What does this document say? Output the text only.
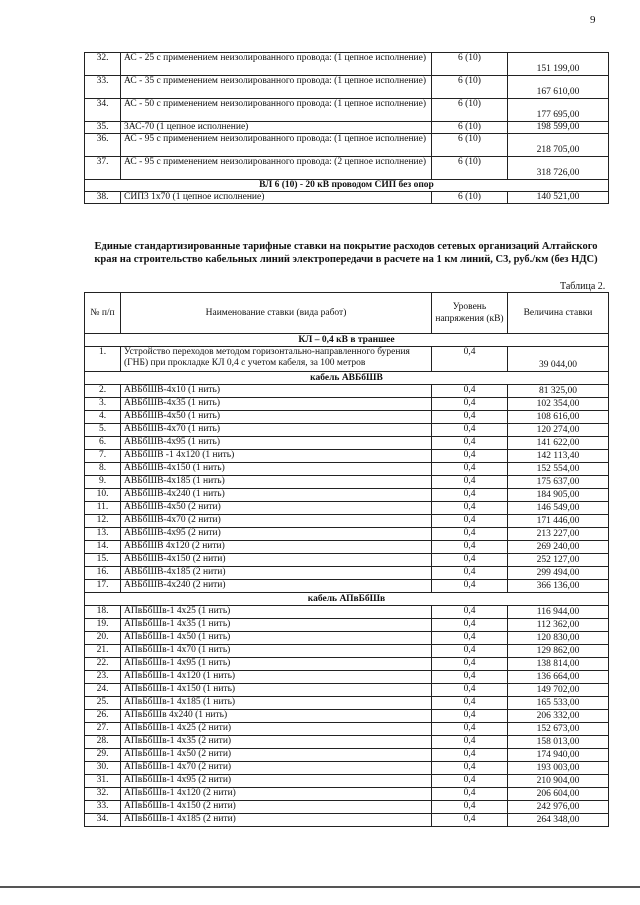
9
32.	АС - 25 с применением неизолированного провода: (1 цепное исполнение)	6 (10)	151 199,00
33.	АС - 35 с применением неизолированного провода: (1 цепное исполнение)	6 (10)	167 610,00
34.	АС - 50 с применением неизолированного провода: (1 цепное исполнение)	6 (10)	177 695,00
35.	3АС-70 (1 цепное исполнение)	6 (10)	198 599,00
36.	АС - 95 с применением неизолированного провода: (1 цепное исполнение)	6 (10)	218 705,00
37.	АС - 95 с применением неизолированного провода: (2 цепное исполнение)	6 (10)	318 726,00
ВЛ 6 (10) - 20 кВ проводом СИП без опор			
38.	СИП3 1х70 (1 цепное исполнение)	6 (10)	140 521,00
Единые стандартизированные тарифные ставки на покрытие расходов сетевых организаций Алтайского края на строительство кабельных линий электропередачи в расчете на 1 км линий, С3, руб./км (без НДС)
Таблица 2.
№ п/п	Наименование ставки (вида работ)	Уровень напряжения (кВ)	Величина ставки
КЛ – 0,4 кВ в траншее			
1.	Устройство переходов методом горизонтально-направленного бурения (ГНБ) при прокладке КЛ 0,4 с учетом кабеля, за 100 метров	0,4	39 044,00
кабель АВБбШВ			
2.	АВБбШВ-4х10 (1 нить)	0,4	81 325,00
3.	АВБбШВ-4х35 (1 нить)	0,4	102 354,00
4.	АВБбШВ-4х50 (1 нить)	0,4	108 616,00
5.	АВБбШВ-4х70 (1 нить)	0,4	120 274,00
6.	АВБбШВ-4х95 (1 нить)	0,4	141 622,00
7.	АВБбШВ -1 4х120 (1 нить)	0,4	142 113,40
8.	АВБбШВ-4х150 (1 нить)	0,4	152 554,00
9.	АВБбШВ-4х185 (1 нить)	0,4	175 637,00
10.	АВБбШВ-4х240 (1 нить)	0,4	184 905,00
11.	АВБбШВ-4х50 (2 нити)	0,4	146 549,00
12.	АВБбШВ-4х70 (2 нити)	0,4	171 446,00
13.	АВБбШВ-4х95 (2 нити)	0,4	213 227,00
14.	АВБбШВ 4х120 (2 нити)	0,4	269 240,00
15.	АВБбШВ-4х150 (2 нити)	0,4	252 127,00
16.	АВБбШВ-4х185 (2 нити)	0,4	299 494,00
17.	АВБбШВ-4х240 (2 нити)	0,4	366 136,00
кабель АПвБбШв			
18.	АПвБбШв-1 4х25 (1 нить)	0,4	116 944,00
19.	АПвБбШв-1 4х35 (1 нить)	0,4	112 362,00
20.	АПвБбШв-1 4х50 (1 нить)	0,4	120 830,00
21.	АПвБбШв-1 4х70 (1 нить)	0,4	129 862,00
22.	АПвБбШв-1 4х95 (1 нить)	0,4	138 814,00
23.	АПвБбШв-1 4х120 (1 нить)	0,4	136 664,00
24.	АПвБбШв-1 4х150 (1 нить)	0,4	149 702,00
25.	АПвБбШв-1 4х185 (1 нить)	0,4	165 533,00
26.	АПвБбШв 4х240 (1 нить)	0,4	206 332,00
27.	АПвБбШв-1 4х25 (2 нити)	0,4	152 673,00
28.	АПвБбШв-1 4х35 (2 нити)	0,4	158 013,00
29.	АПвБбШв-1 4х50 (2 нити)	0,4	174 940,00
30.	АПвБбШв-1 4х70 (2 нити)	0,4	193 003,00
31.	АПвБбШв-1 4х95 (2 нити)	0,4	210 904,00
32.	АПвБбШв-1 4х120 (2 нити)	0,4	206 604,00
33.	АПвБбШв-1 4х150 (2 нити)	0,4	242 976,00
34.	АПвБбШв-1 4х185 (2 нити)	0,4	264 348,00
